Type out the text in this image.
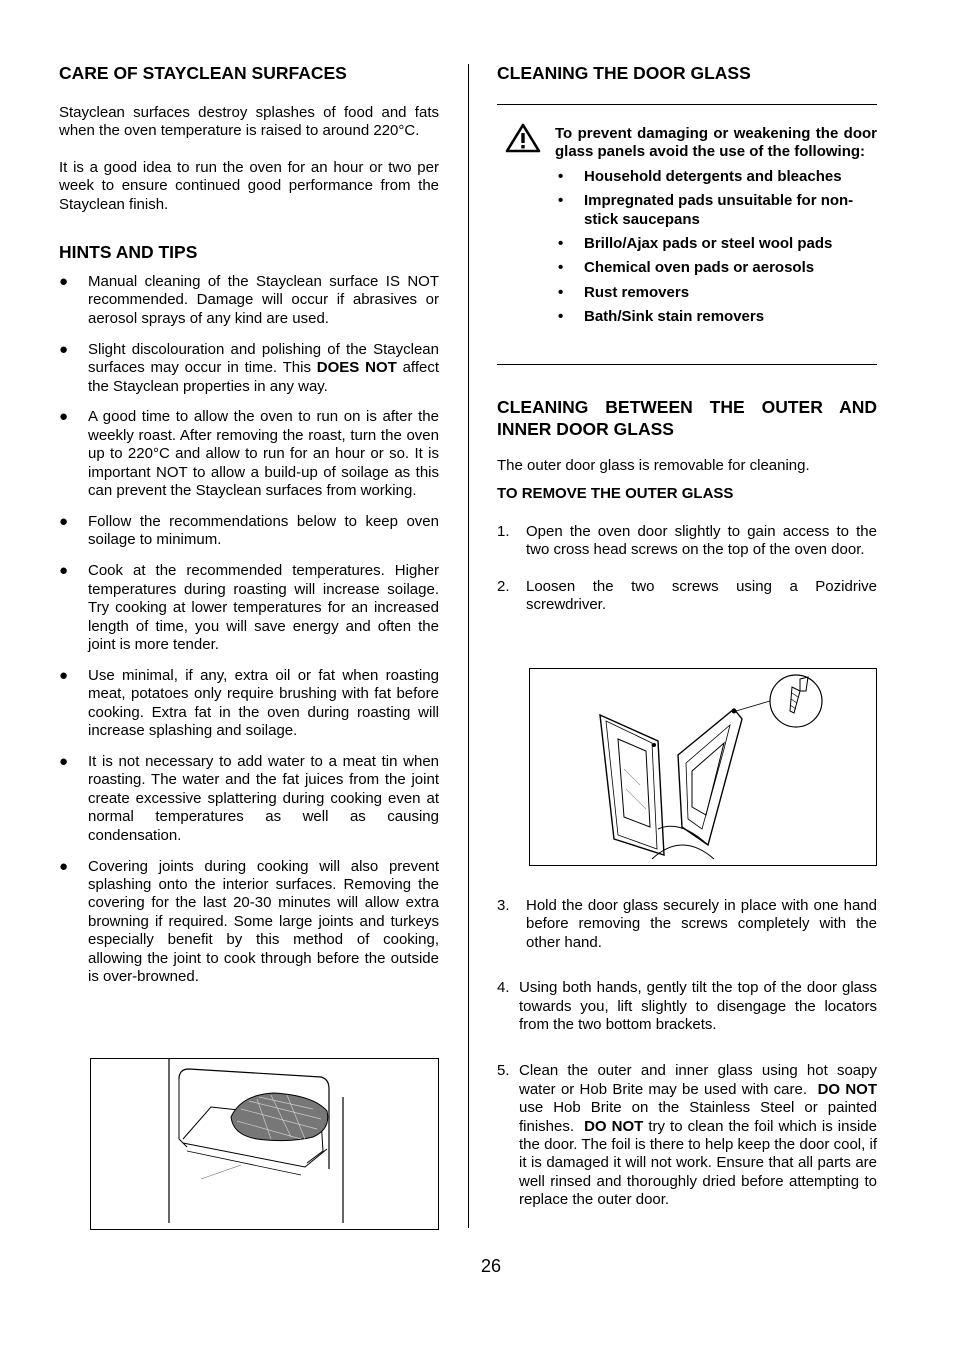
CARE OF STAYCLEAN SURFACES

Stayclean surfaces destroy splashes of food and fats when the oven temperature is raised to around 220°C.

It is a good idea to run the oven for an hour or two per week to ensure continued good performance from the Stayclean finish.

HINTS AND TIPS
● Manual cleaning of the Stayclean surface IS NOT recommended. Damage will occur if abrasives or aerosol sprays of any kind are used.
● Slight discolouration and polishing of the Stayclean surfaces may occur in time. This DOES NOT affect the Stayclean properties in any way.
● A good time to allow the oven to run on is after the weekly roast. After removing the roast, turn the oven up to 220°C and allow to run for an hour or so. It is important NOT to allow a build-up of soilage as this can prevent the Stayclean surfaces from working.
● Follow the recommendations below to keep oven soilage to minimum.
● Cook at the recommended temperatures. Higher temperatures during roasting will increase soilage. Try cooking at lower temperatures for an increased length of time, you will save energy and often the joint is more tender.
● Use minimal, if any, extra oil or fat when roasting meat, potatoes only require brushing with fat before cooking. Extra fat in the oven during roasting will increase splashing and soilage.
● It is not necessary to add water to a meat tin when roasting. The water and the fat juices from the joint create excessive splattering during cooking even at normal temperatures as well as causing condensation.
● Covering joints during cooking will also prevent splashing onto the interior surfaces. Removing the covering for the last 20-30 minutes will allow extra browning if required. Some large joints and turkeys especially benefit by this method of cooking, allowing the joint to cook through before the outside is over-browned.
CLEANING THE DOOR GLASS

To prevent damaging or weakening the door glass panels avoid the use of the following:

• Household detergents and bleaches
• Impregnated pads unsuitable for non-stick saucepans
• Brillo/Ajax pads or steel wool pads
• Chemical oven pads or aerosols
• Rust removers
• Bath/Sink stain removers
CLEANING BETWEEN THE OUTER AND INNER DOOR GLASS

The outer door glass is removable for cleaning.

TO REMOVE THE OUTER GLASS

1. Open the oven door slightly to gain access to the two cross head screws on the top of the oven door.
2. Loosen the two screws using a Pozidrive screwdriver.
3. Hold the door glass securely in place with one hand before removing the screws completely with the other hand.
4. Using both hands, gently tilt the top of the door glass towards you, lift slightly to disengage the locators from the two bottom brackets.
5. Clean the outer and inner glass using hot soapy water or Hob Brite may be used with care. DO NOT use Hob Brite on the Stainless Steel or painted finishes. DO NOT try to clean the foil which is inside the door. The foil is there to help keep the door cool, if it is damaged it will not work. Ensure that all parts are well rinsed and thoroughly dried before attempting to replace the outer door.
26
